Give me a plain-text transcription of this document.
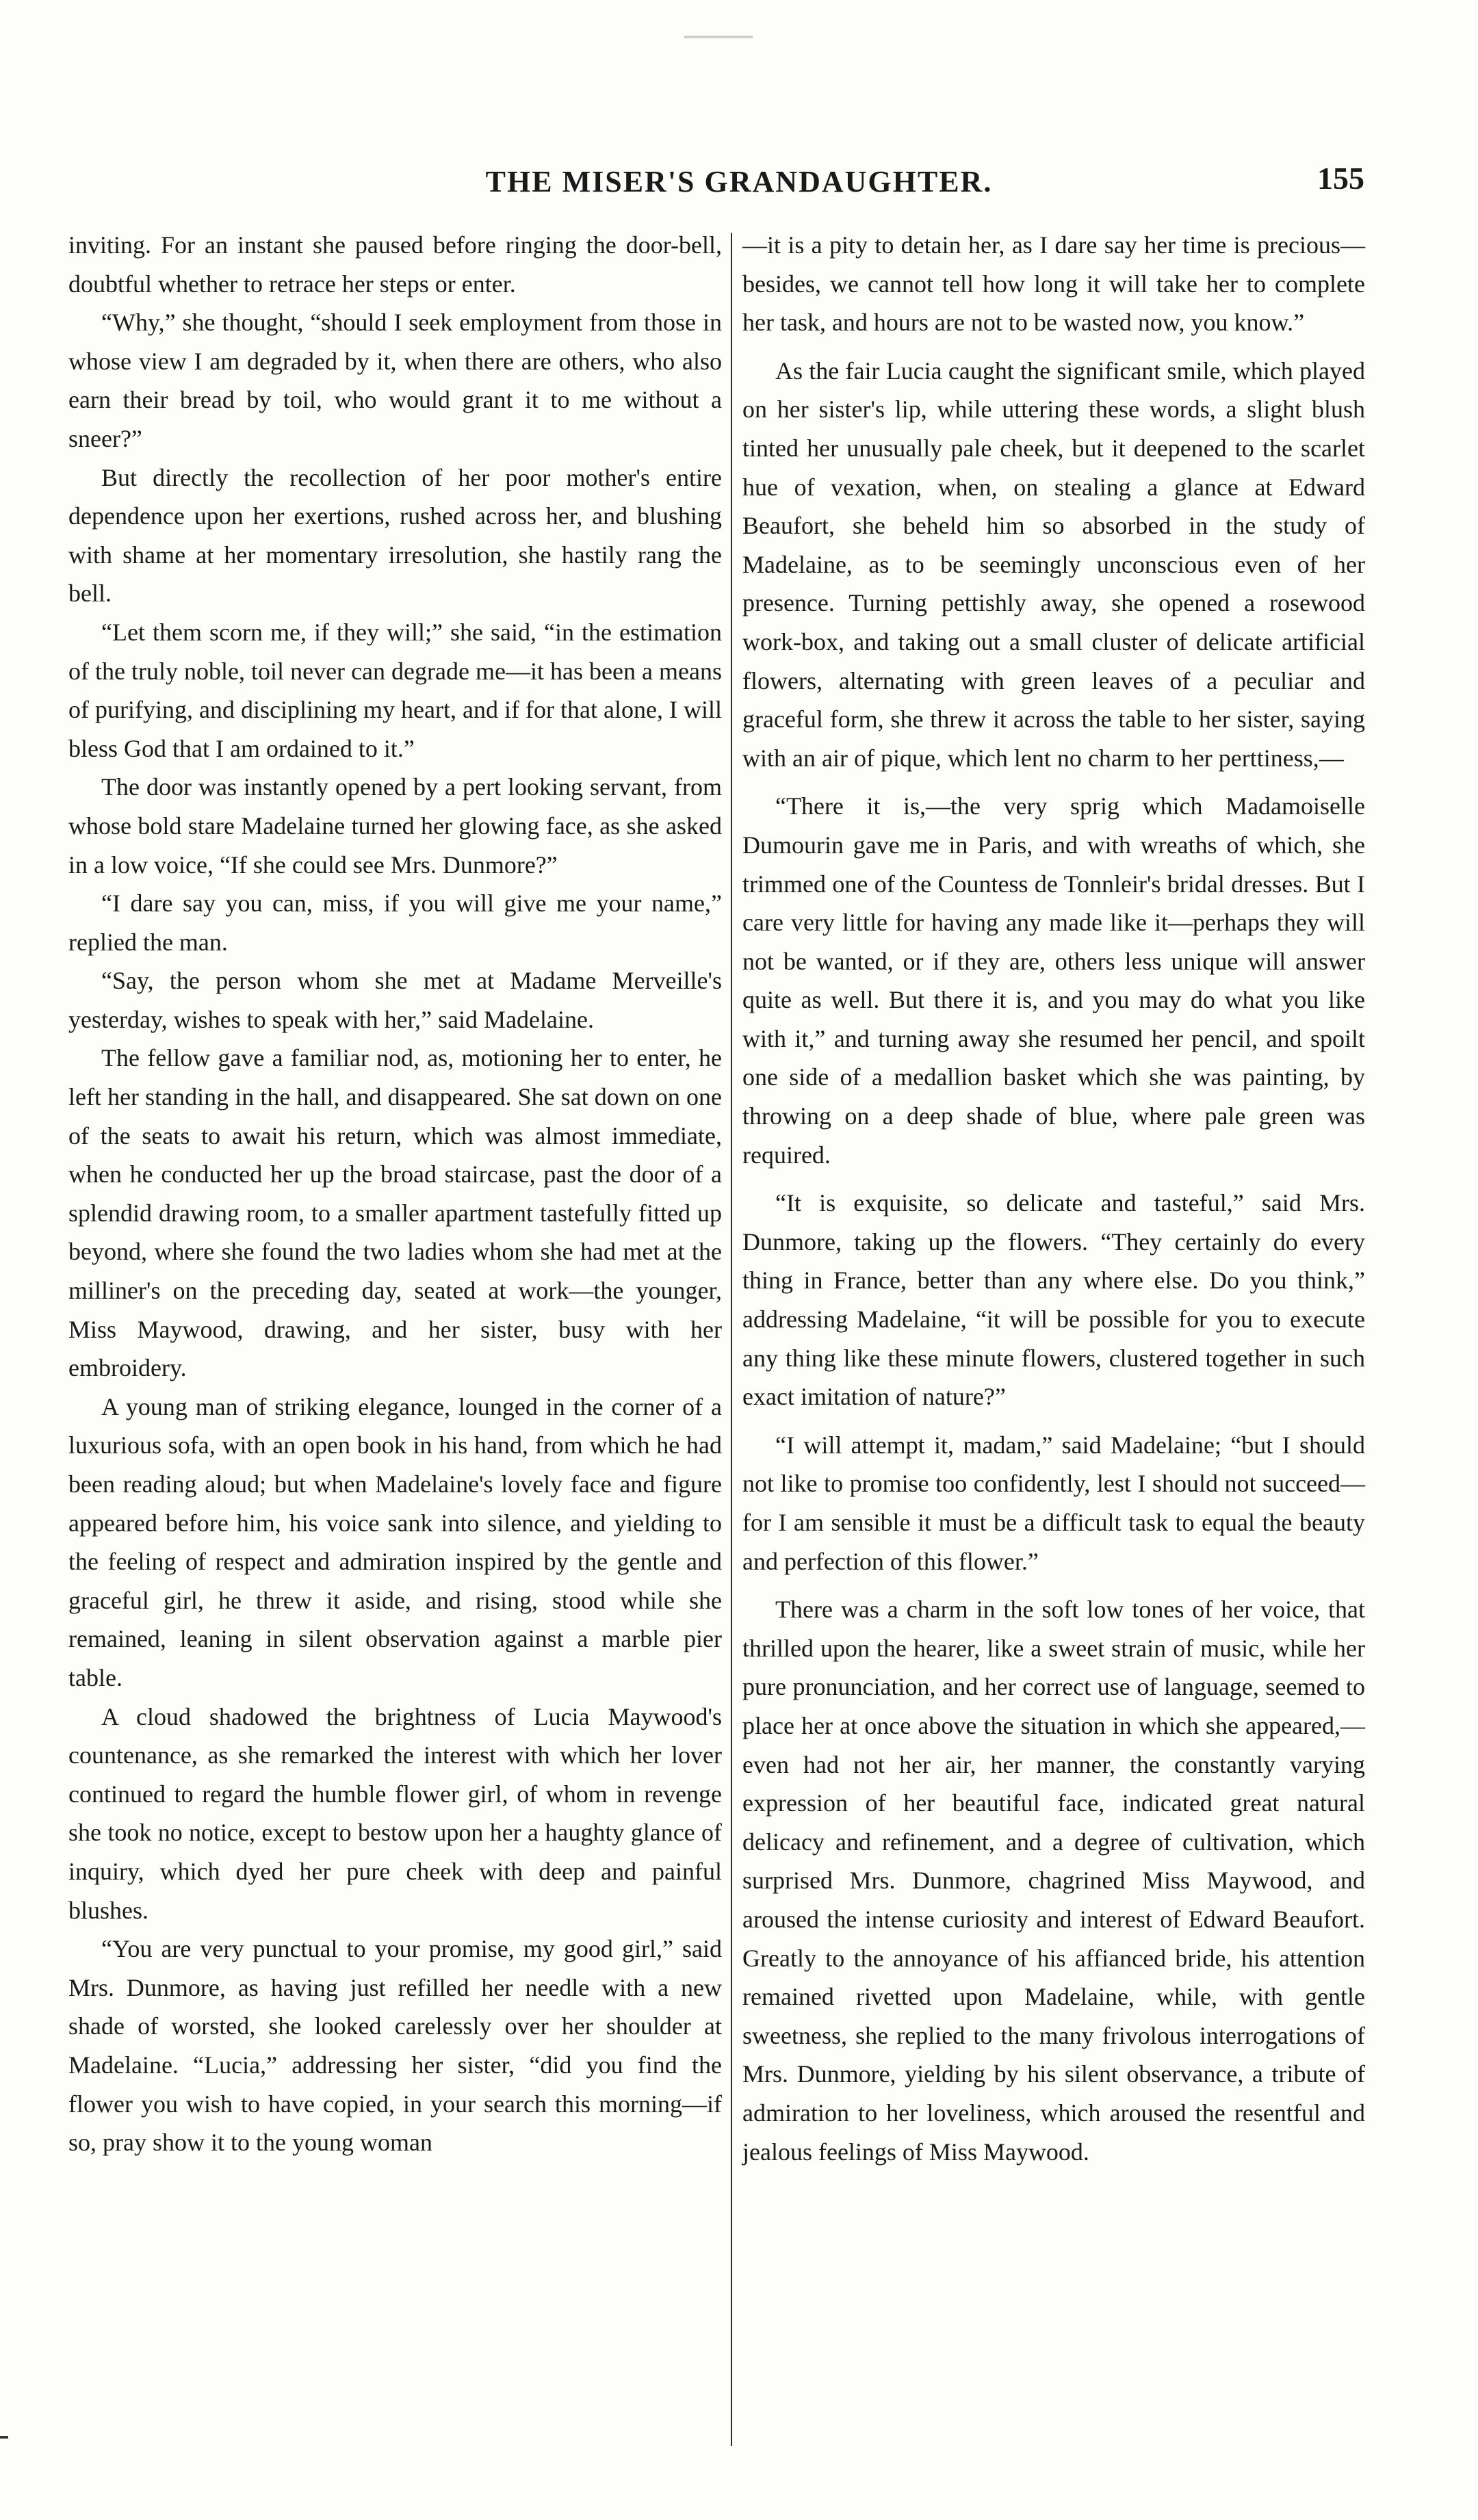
THE MISER'S GRANDAUGHTER.	155

inviting. For an instant she paused before ringing the door-bell, doubtful whether to retrace her steps or enter.

“Why,” she thought, “should I seek employment from those in whose view I am degraded by it, when there are others, who also earn their bread by toil, who would grant it to me without a sneer?”

But directly the recollection of her poor mother's entire dependence upon her exertions, rushed across her, and blushing with shame at her momentary irresolution, she hastily rang the bell.

“Let them scorn me, if they will;” she said, “in the estimation of the truly noble, toil never can degrade me—it has been a means of purifying, and disciplining my heart, and if for that alone, I will bless God that I am ordained to it.”

The door was instantly opened by a pert looking servant, from whose bold stare Madelaine turned her glowing face, as she asked in a low voice, “If she could see Mrs. Dunmore?”

“I dare say you can, miss, if you will give me your name,” replied the man.

“Say, the person whom she met at Madame Merveille's yesterday, wishes to speak with her,” said Madelaine.

The fellow gave a familiar nod, as, motioning her to enter, he left her standing in the hall, and disappeared. She sat down on one of the seats to await his return, which was almost immediate, when he conducted her up the broad staircase, past the door of a splendid drawing room, to a smaller apartment tastefully fitted up beyond, where she found the two ladies whom she had met at the milliner's on the preceding day, seated at work—the younger, Miss Maywood, drawing, and her sister, busy with her embroidery.

A young man of striking elegance, lounged in the corner of a luxurious sofa, with an open book in his hand, from which he had been reading aloud; but when Madelaine's lovely face and figure appeared before him, his voice sank into silence, and yielding to the feeling of respect and admiration inspired by the gentle and graceful girl, he threw it aside, and rising, stood while she remained, leaning in silent observation against a marble pier table.

A cloud shadowed the brightness of Lucia Maywood's countenance, as she remarked the interest with which her lover continued to regard the humble flower girl, of whom in revenge she took no notice, except to bestow upon her a haughty glance of inquiry, which dyed her pure cheek with deep and painful blushes.

“You are very punctual to your promise, my good girl,” said Mrs. Dunmore, as having just refilled her needle with a new shade of worsted, she looked carelessly over her shoulder at Madelaine. “Lucia,” addressing her sister, “did you find the flower you wish to have copied, in your search this morning—if so, pray show it to the young woman

—it is a pity to detain her, as I dare say her time is precious—besides, we cannot tell how long it will take her to complete her task, and hours are not to be wasted now, you know.”

As the fair Lucia caught the significant smile, which played on her sister's lip, while uttering these words, a slight blush tinted her unusually pale cheek, but it deepened to the scarlet hue of vexation, when, on stealing a glance at Edward Beaufort, she beheld him so absorbed in the study of Madelaine, as to be seemingly unconscious even of her presence. Turning pettishly away, she opened a rosewood work-box, and taking out a small cluster of delicate artificial flowers, alternating with green leaves of a peculiar and graceful form, she threw it across the table to her sister, saying with an air of pique, which lent no charm to her perttiness,—

“There it is,—the very sprig which Madamoiselle Dumourin gave me in Paris, and with wreaths of which, she trimmed one of the Countess de Tonnleir's bridal dresses. But I care very little for having any made like it—perhaps they will not be wanted, or if they are, others less unique will answer quite as well. But there it is, and you may do what you like with it,” and turning away she resumed her pencil, and spoilt one side of a medallion basket which she was painting, by throwing on a deep shade of blue, where pale green was required.

“It is exquisite, so delicate and tasteful,” said Mrs. Dunmore, taking up the flowers. “They certainly do every thing in France, better than any where else. Do you think,” addressing Madelaine, “it will be possible for you to execute any thing like these minute flowers, clustered together in such exact imitation of nature?”

“I will attempt it, madam,” said Madelaine; “but I should not like to promise too confidently, lest I should not succeed—for I am sensible it must be a difficult task to equal the beauty and perfection of this flower.”

There was a charm in the soft low tones of her voice, that thrilled upon the hearer, like a sweet strain of music, while her pure pronunciation, and her correct use of language, seemed to place her at once above the situation in which she appeared,—even had not her air, her manner, the constantly varying expression of her beautiful face, indicated great natural delicacy and refinement, and a degree of cultivation, which surprised Mrs. Dunmore, chagrined Miss Maywood, and aroused the intense curiosity and interest of Edward Beaufort. Greatly to the annoyance of his affianced bride, his attention remained rivetted upon Madelaine, while, with gentle sweetness, she replied to the many frivolous interrogations of Mrs. Dunmore, yielding by his silent observance, a tribute of admiration to her loveliness, which aroused the resentful and jealous feelings of Miss Maywood.
